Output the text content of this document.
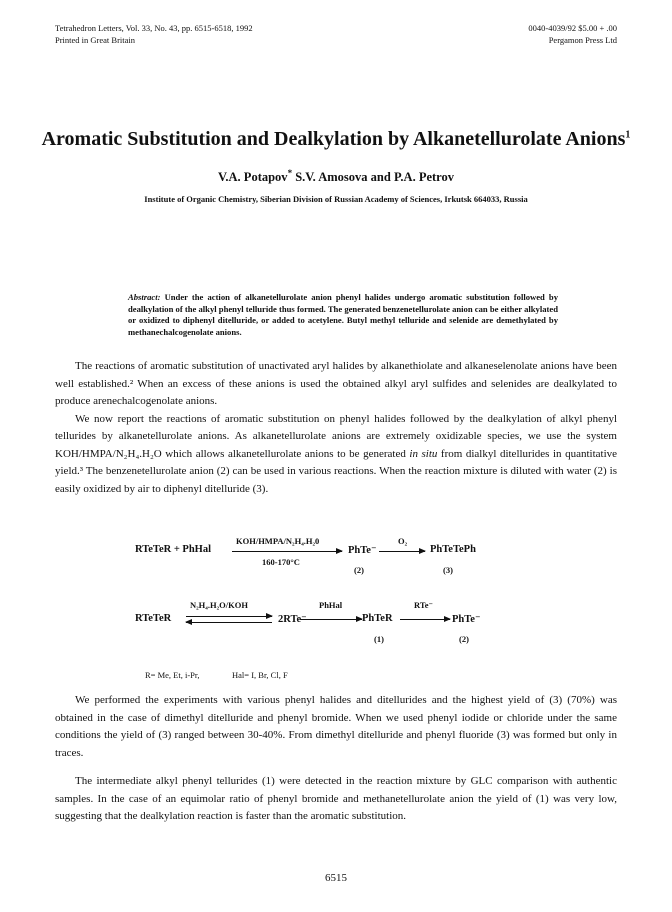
Tetrahedron Letters, Vol. 33, No. 43, pp. 6515-6518, 1992
Printed in Great Britain
0040-4039/92 $5.00 + .00
Pergamon Press Ltd
Aromatic Substitution and Dealkylation by Alkanetellurolate Anions$^1$
V.A. Potapov* S.V. Amosova and P.A. Petrov
Institute of Organic Chemistry, Siberian Division of Russian Academy of Sciences, Irkutsk 664033, Russia
Abstract: Under the action of alkanetellurolate anion phenyl halides undergo aromatic substitution followed by dealkylation of the alkyl phenyl telluride thus formed. The generated benzenetellurolate anion can be either alkylated or oxidized to diphenyl ditelluride, or added to acetylene. Butyl methyl telluride and selenide are demethylated by methanechalcogenolate anions.

The reactions of aromatic substitution of unactivated aryl halides by alkanethiolate and alkaneselenolate anions have been well established.² When an excess of these anions is used the obtained alkyl aryl sulfides and selenides are dealkylated to produce arenechalcogenolate anions.

We now report the reactions of aromatic substitution on phenyl halides followed by the dealkylation of alkyl phenyl tellurides by alkanetellurolate anions. As alkanetellurolate anions are extremely oxidizable species, we use the system KOH/HMPA/N₂H₄.H₂O which allows alkanetellurolate anions to be generated in situ from dialkyl ditellurides in quantitative yield.³ The benzenetellurolate anion (2) can be used in various reactions. When the reaction mixture is diluted with water (2) is easily oxidized by air to diphenyl ditelluride (3).

RTeTeR + PhHal
KOH/HMPA/N₂H₄.H₂0
160-170°C
PhTe⁻
(2)
O₂
PhTeTePh
(3)
RTeTeR
N₂H₄.H₂O/KOH
2RTe⁻
PhHal
PhTeR
(1)
RTe⁻
PhTe⁻
(2)
R= Me, Et, i-Pr,	Hal= I, Br, Cl, F

We performed the experiments with various phenyl halides and ditellurides and the highest yield of (3) (70%) was obtained in the case of dimethyl ditelluride and phenyl bromide. When we used phenyl iodide or chloride under the same conditions the yield of (3) ranged between 30-40%. From dimethyl ditelluride and phenyl fluoride (3) was formed but only in traces.

The intermediate alkyl phenyl tellurides (1) were detected in the reaction mixture by GLC comparison with authentic samples. In the case of an equimolar ratio of phenyl bromide and methanetellurolate anion the yield of (1) was very low, suggesting that the dealkylation reaction is faster than the aromatic substitution.

6515
